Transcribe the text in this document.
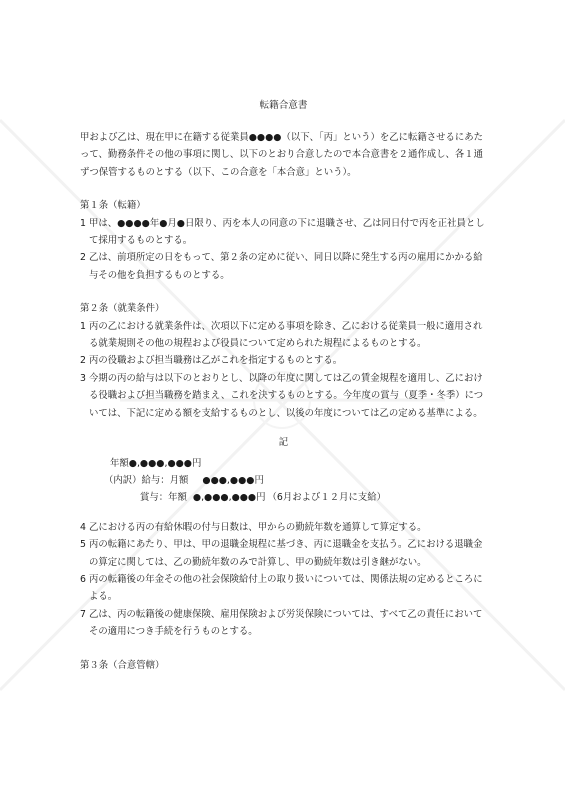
転籍合意書

甲および乙は、現在甲に在籍する従業員●●●●（以下、「丙」という）を乙に転籍させるにあたって、勤務条件その他の事項に関し、以下のとおり合意したので本合意書を２通作成し、各１通ずつ保管するものとする（以下、この合意を「本合意」という）。

第１条（転籍）

1 甲は、●●●●年●月●日限り、丙を本人の同意の下に退職させ、乙は同日付で丙を正社員として採用するものとする。
2 乙は、前項所定の日をもって、第２条の定めに従い、同日以降に発生する丙の雇用にかかる給与その他を負担するものとする。

第２条（就業条件）

1 丙の乙における就業条件は、次項以下に定める事項を除き、乙における従業員一般に適用される就業規則その他の規程および役員について定められた規程によるものとする。
2 丙の役職および担当職務は乙がこれを指定するものとする。
3 今期の丙の給与は以下のとおりとし、以降の年度に関しては乙の賃金規程を適用し、乙における役職および担当職務を踏まえ、これを決するものとする。今年度の賞与（夏季・冬季）については、下記に定める額を支給するものとし、以後の年度については乙の定める基準による。

記

年額●,●●●,●●●円

（内訳）給与：月額 ●●●,●●●円

賞与：年額 ●,●●●,●●●円 （6月および１２月に支給）

4 乙における丙の有給休暇の付与日数は、甲からの勤続年数を通算して算定する。
5 丙の転籍にあたり、甲は、甲の退職金規程に基づき、丙に退職金を支払う。乙における退職金の算定に関しては、乙の勤続年数のみで計算し、甲の勤続年数は引き継がない。
6 丙の転籍後の年金その他の社会保険給付上の取り扱いについては、関係法規の定めるところによる。
7 乙は、丙の転籍後の健康保険、雇用保険および労災保険については、すべて乙の責任においてその適用につき手続を行うものとする。

第３条（合意管轄）
